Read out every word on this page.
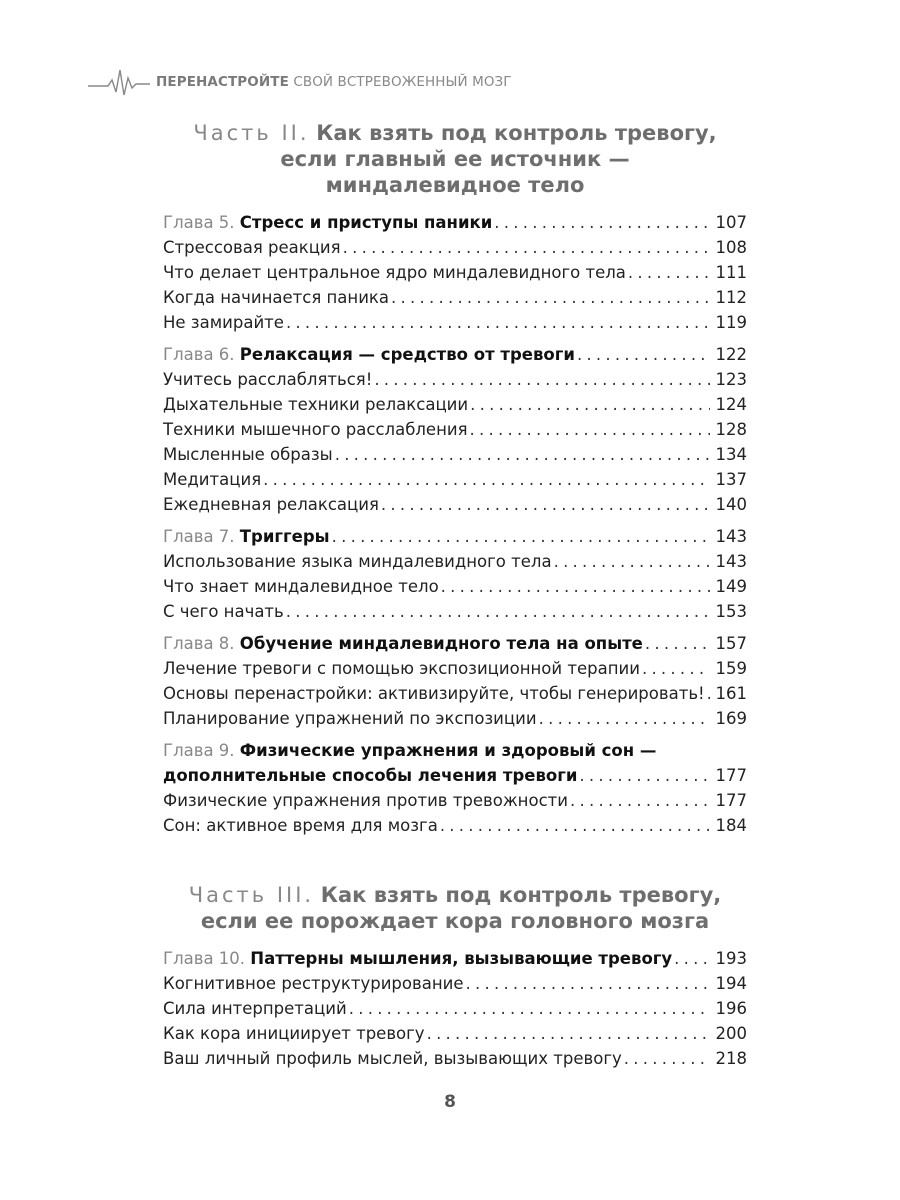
ПЕРЕНАСТРОЙТЕ СВОЙ ВСТРЕВОЖЕННЫЙ МОЗГ
Часть II. Как взять под контроль тревогу,
если главный ее источник —
миндалевидное тело
Глава 5. Стресс и приступы паники . . .	107
Стрессовая реакция . . .	108
Что делает центральное ядро миндалевидного тела . . .	111
Когда начинается паника . . .	112
Не замирайте . . .	119
Глава 6. Релаксация — средство от тревоги . . .	122
Учитесь расслабляться! . . .	123
Дыхательные техники релаксации . . .	124
Техники мышечного расслабления . . .	128
Мысленные образы . . .	134
Медитация . . .	137
Ежедневная релаксация . . .	140
Глава 7. Триггеры . . .	143
Использование языка миндалевидного тела . . .	143
Что знает миндалевидное тело . . .	149
С чего начать . . .	153
Глава 8. Обучение миндалевидного тела на опыте . . .	157
Лечение тревоги с помощью экспозиционной терапии . . .	159
Основы перенастройки: активизируйте, чтобы генерировать! . . . 161
Планирование упражнений по экспозиции . . .	169
Глава 9. Физические упражнения и здоровый сон —
дополнительные способы лечения тревоги . . .	177
Физические упражнения против тревожности . . .	177
Сон: активное время для мозга . . .	184
Часть III. Как взять под контроль тревогу,
если ее порождает кора головного мозга
Глава 10. Паттерны мышления, вызывающие тревогу . . .	193
Когнитивное реструктурирование . . .	194
Сила интерпретаций . . .	196
Как кора инициирует тревогу . . .	200
Ваш личный профиль мыслей, вызывающих тревогу . . .	218
8
